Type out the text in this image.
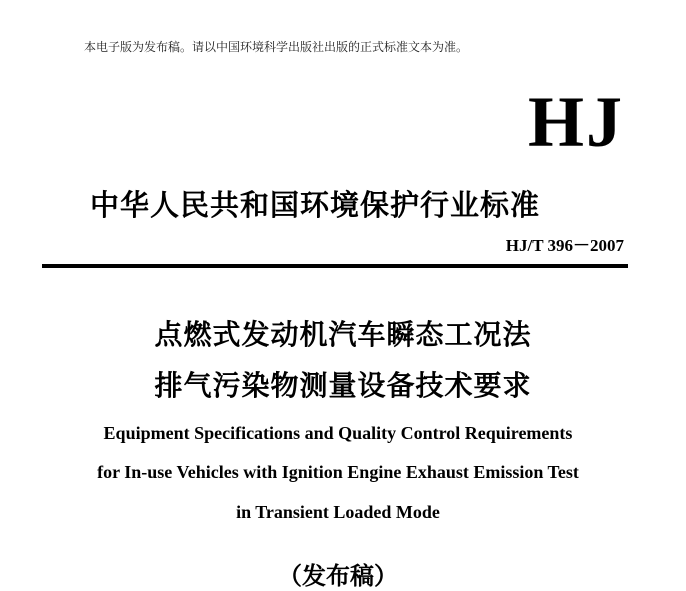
本电子版为发布稿。请以中国环境科学出版社出版的正式标准文本为准。
HJ
中华人民共和国环境保护行业标准
HJ/T 396－2007
点燃式发动机汽车瞬态工况法
排气污染物测量设备技术要求
Equipment Specifications and Quality Control Requirements
for In-use Vehicles with Ignition Engine Exhaust Emission Test
in Transient Loaded Mode
（发布稿）
